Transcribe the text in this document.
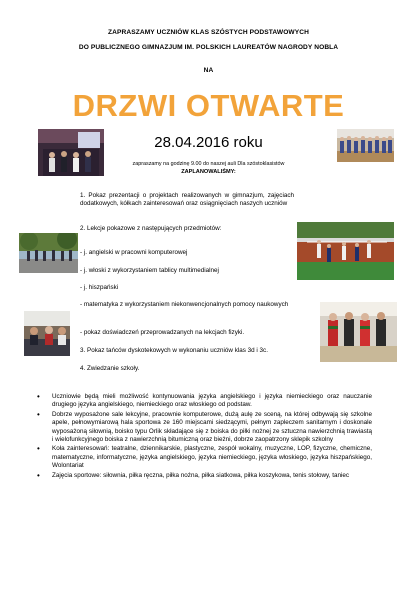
ZAPRASZAMY UCZNIÓW KLAS SZÓSTYCH PODSTAWOWYCH
DO PUBLICZNEGO GIMNAZJUM IM. POLSKICH LAUREATÓW NAGRODY NOBLA
NA
DRZWI OTWARTE
28.04.2016 roku
zapraszamy na godzinę 9.00 do naszej auli Dla szóstoklasistów
ZAPLANOWALIŚMY:
1. Pokaz prezentacji o projektach realizowanych w gimnazjum, zajęciach dodatkowych, kółkach zainteresowań oraz osiągnięciach naszych uczniów
2. Lekcje pokazowe z następujących przedmiotów:
- j. angielski w pracowni komputerowej
- j. włoski z wykorzystaniem tablicy multimedialnej
- j. hiszpański
- matematyka z wykorzystaniem niekonwencjonalnych pomocy naukowych
- pokaz doświadczeń przeprowadzanych na lekcjach fizyki.
3. Pokaz tańców dyskotekowych w wykonaniu uczniów klas 3d i 3c.
4. Zwiedzanie szkoły.
• Uczniowie będą mieli możliwość kontynuowania języka angielskiego i języka niemieckiego oraz nauczanie drugiego języka angielskiego, niemieckiego oraz włoskiego od podstaw.
• Dobrze wyposażone sale lekcyjne, pracownie komputerowe, dużą aulę ze sceną, na której odbywają się szkolne apele, pełnowymiarową hala sportowa ze 160 miejscami siedzącymi, pełnym zapleczem sanitarnym i doskonale wyposażoną siłownią, boisko typu Orlik składające się z boiska do piłki nożnej ze sztuczna nawierzchnią trawiastą i wielofunkcyjnego boiska z nawierzchnią bitumiczną oraz bieżni, dobrze zaopatrzony sklepik szkolny
• Koła zainteresowań: teatralne, dziennikarskie, plastyczne, zespół wokalny, muzyczne, LOP, fizyczne, chemiczne, matematyczne, informatyczne, języka angielskiego, języka niemieckiego, języka włoskiego, języka hiszpańskiego, Wolontariat
• Zajęcia sportowe: siłownia, piłka ręczna, piłka nożna, piłka siatkowa, piłka koszykowa, tenis stołowy, taniec
